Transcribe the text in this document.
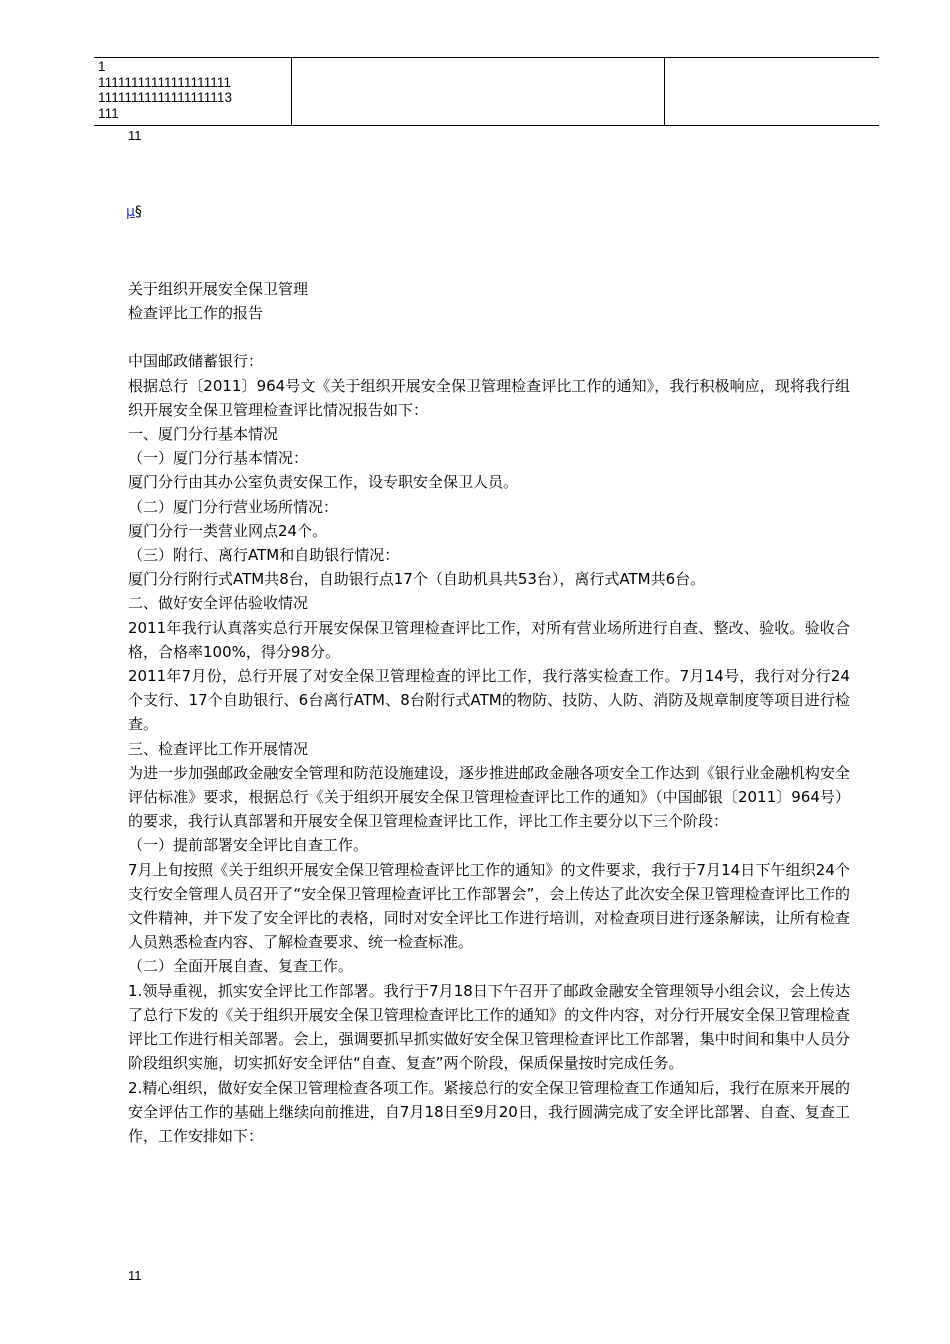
1
11111111111111111111
11111111111111111113
111

11
μ§

关于组织开展安全保卫管理

检查评比工作的报告

中国邮政储蓄银行：

根据总行〔2011〕964号文《关于组织开展安全保卫管理检查评比工作的通知》，我行积极响应，现将我行组织开展安全保卫管理检查评比情况报告如下：

一、厦门分行基本情况

（一）厦门分行基本情况：

厦门分行由其办公室负责安保工作，设专职安全保卫人员。

（二）厦门分行营业场所情况：

厦门分行一类营业网点24个。

（三）附行、离行ATM和自助银行情况：

厦门分行附行式ATM共8台，自助银行点17个（自助机具共53台），离行式ATM共6台。

二、做好安全评估验收情况

2011年我行认真落实总行开展安保保卫管理检查评比工作，对所有营业场所进行自查、整改、验收。验收合格，合格率100%，得分98分。

2011年7月份，总行开展了对安全保卫管理检查的评比工作，我行落实检查工作。7月14号，我行对分行24个支行、17个自助银行、6台离行ATM、8台附行式ATM的物防、技防、人防、消防及规章制度等项目进行检查。

三、检查评比工作开展情况

为进一步加强邮政金融安全管理和防范设施建设，逐步推进邮政金融各项安全工作达到《银行业金融机构安全评估标准》要求，根据总行《关于组织开展安全保卫管理检查评比工作的通知》（中国邮银〔2011〕964号）的要求，我行认真部署和开展安全保卫管理检查评比工作，评比工作主要分以下三个阶段：

（一）提前部署安全评比自查工作。

7月上旬按照《关于组织开展安全保卫管理检查评比工作的通知》的文件要求，我行于7月14日下午组织24个支行安全管理人员召开了“安全保卫管理检查评比工作部署会”，会上传达了此次安全保卫管理检查评比工作的文件精神，并下发了安全评比的表格，同时对安全评比工作进行培训，对检查项目进行逐条解读，让所有检查人员熟悉检查内容、了解检查要求、统一检查标准。

（二）全面开展自查、复查工作。

1.领导重视，抓实安全评比工作部署。我行于7月18日下午召开了邮政金融安全管理领导小组会议，会上传达了总行下发的《关于组织开展安全保卫管理检查评比工作的通知》的文件内容，对分行开展安全保卫管理检查评比工作进行相关部署。会上，强调要抓早抓实做好安全保卫管理检查评比工作部署，集中时间和集中人员分阶段组织实施，切实抓好安全评估“自查、复查”两个阶段，保质保量按时完成任务。

2.精心组织，做好安全保卫管理检查各项工作。紧接总行的安全保卫管理检查工作通知后，我行在原来开展的安全评估工作的基础上继续向前推进，自7月18日至9月20日，我行圆满完成了安全评比部署、自查、复查工作，工作安排如下：

11
